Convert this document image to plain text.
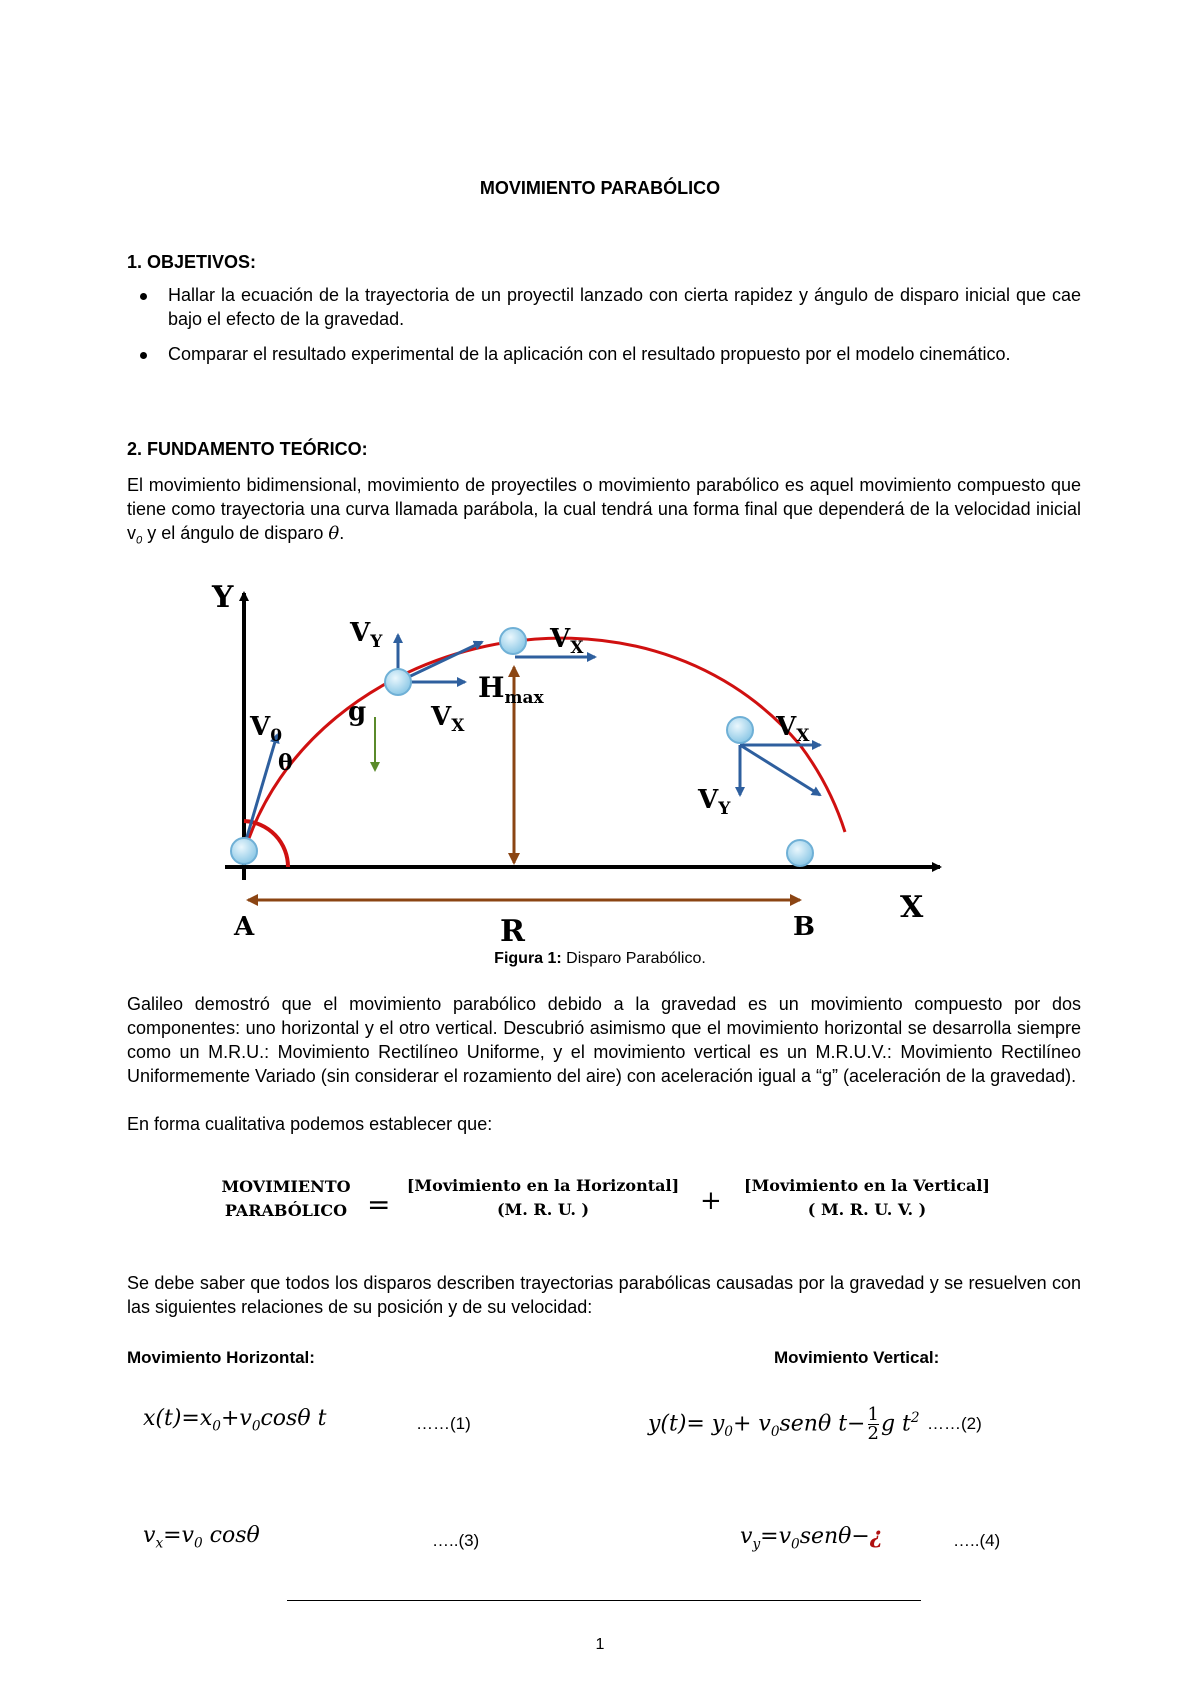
MOVIMIENTO PARABÓLICO
1. OBJETIVOS:
Hallar la ecuación de la trayectoria de un proyectil lanzado con cierta rapidez y ángulo de disparo inicial que cae bajo el efecto de la gravedad.
Comparar el resultado experimental de la aplicación con el resultado propuesto por el modelo cinemático.
2. FUNDAMENTO TEÓRICO:
El movimiento bidimensional, movimiento de proyectiles o movimiento parabólico es aquel movimiento compuesto que tiene como trayectoria una curva llamada parábola, la cual tendrá una forma final que dependerá de la velocidad inicial $v_0$ y el ángulo de disparo θ.
Y
X
$V_Y$
$V_X$
$V_X$
$V_X$
$V_Y$
$V_0$
g
$H_{max}$
θ
A	B
R
Figura 1: Disparo Parabólico.
Galileo demostró que el movimiento parabólico debido a la gravedad es un movimiento compuesto por dos componentes: uno horizontal y el otro vertical. Descubrió asimismo que el movimiento horizontal se desarrolla siempre como un M.R.U.: Movimiento Rectilíneo Uniforme, y el movimiento vertical es un M.R.U.V.: Movimiento Rectilíneo Uniformemente Variado (sin considerar el rozamiento del aire) con aceleración igual a “g” (aceleración de la gravedad).
En forma cualitativa podemos establecer que:
MOVIMIENTO
PARABÓLICO =
[Movimiento en la Horizontal]
(M. R. U. )	+
[Movimiento en la Vertical]
( M. R. U. V. )
Se debe saber que todos los disparos describen trayectorias parabólicas causadas por la gravedad y se resuelven con las siguientes relaciones de su posición y de su velocidad:
Movimiento Horizontal:	Movimiento Vertical:
$x(t)=x_0+v_0\cos\theta$ t	……(1)	$y(t)= y_0+ v_0sen\theta$ $t- \frac{1}{2}$ g $t^2$ ……(2)
$v_x=v_0$ cosθ	…..(3)	$v_y=v_0sen\theta-¿$	…..(4)
1
